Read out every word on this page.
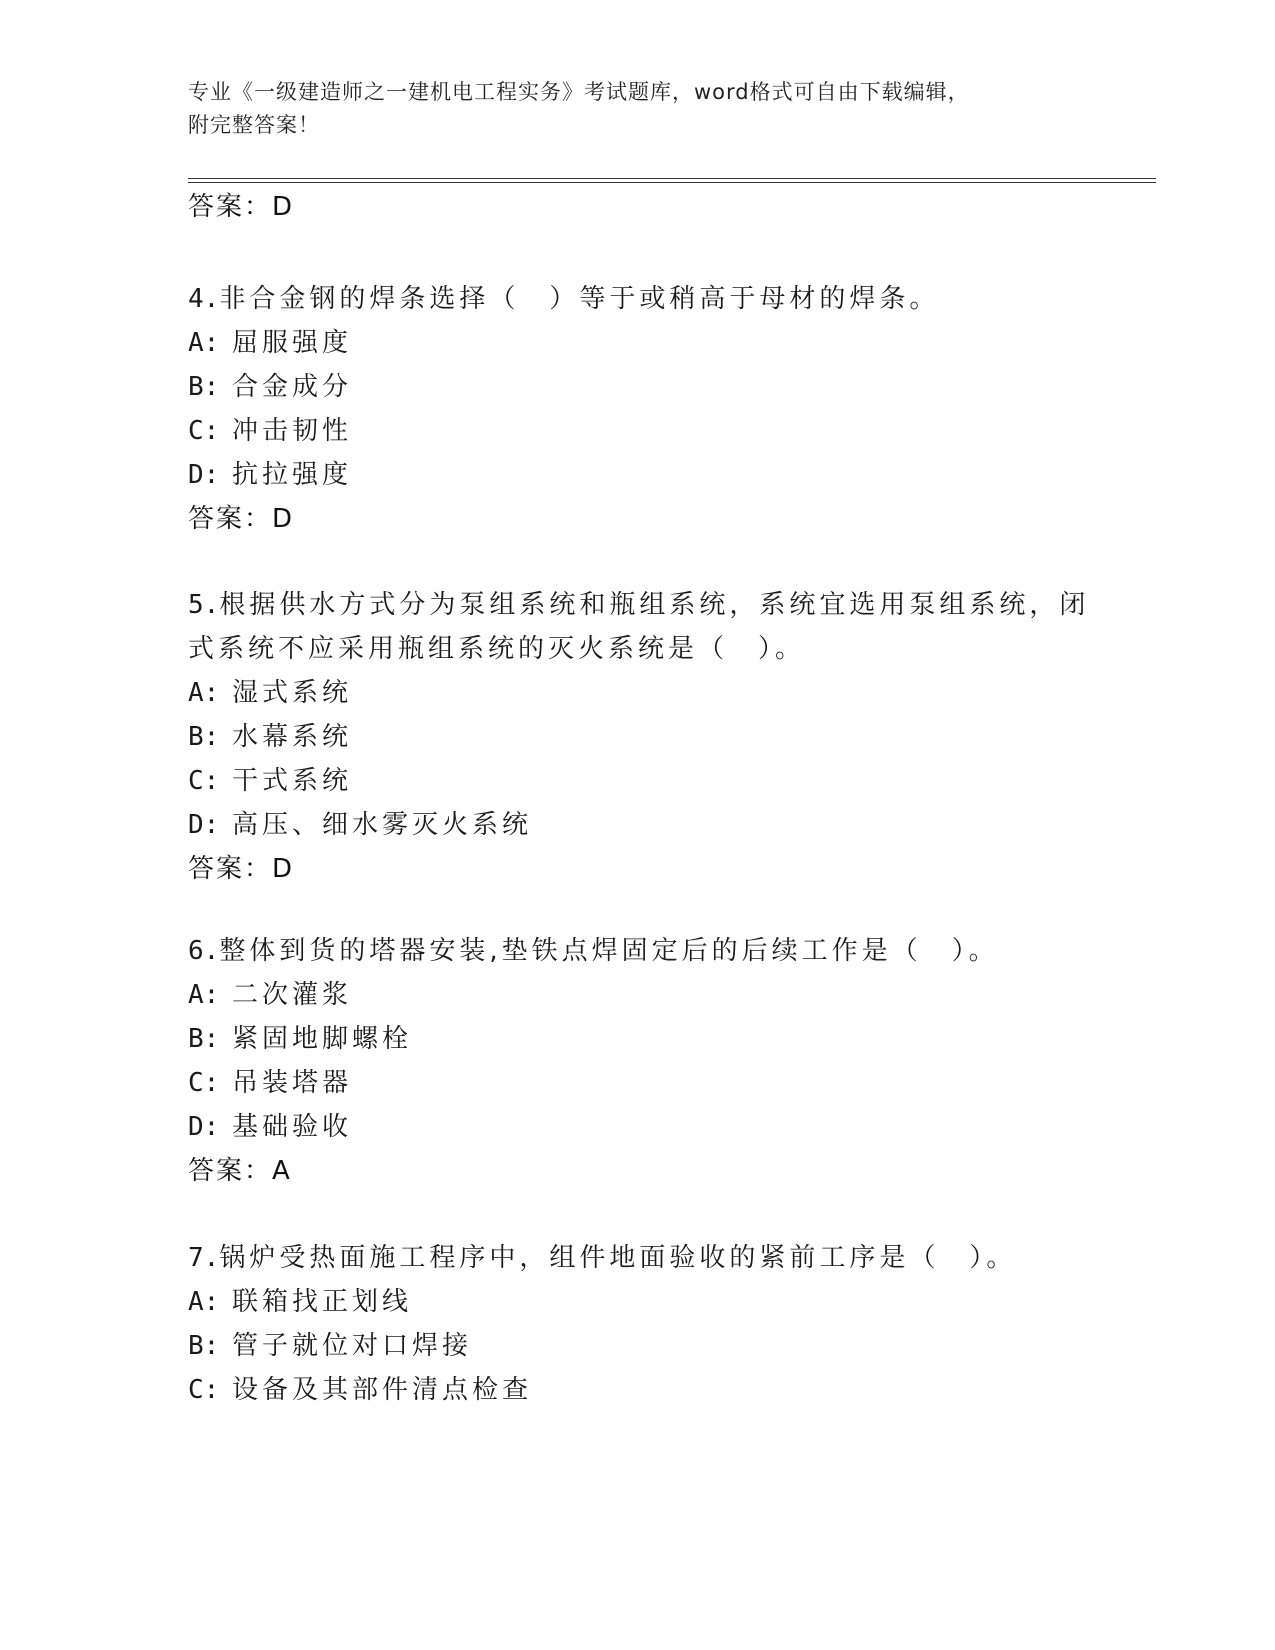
专业《一级建造师之一建机电工程实务》考试题库，word格式可自由下载编辑，

附完整答案！

答案：D
4.非合金钢的焊条选择（　）等于或稍高于母材的焊条。
A: 屈服强度
B: 合金成分
C: 冲击韧性
D: 抗拉强度
答案：D
5.根据供水方式分为泵组系统和瓶组系统，系统宜选用泵组系统，闭
式系统不应采用瓶组系统的灭火系统是（　）。
A: 湿式系统
B: 水幕系统
C: 干式系统
D: 高压、细水雾灭火系统
答案：D
6.整体到货的塔器安装,垫铁点焊固定后的后续工作是（　）。
A: 二次灌浆
B: 紧固地脚螺栓
C: 吊装塔器
D: 基础验收
答案：A
7.锅炉受热面施工程序中，组件地面验收的紧前工序是（　）。
A: 联箱找正划线
B: 管子就位对口焊接
C: 设备及其部件清点检查
